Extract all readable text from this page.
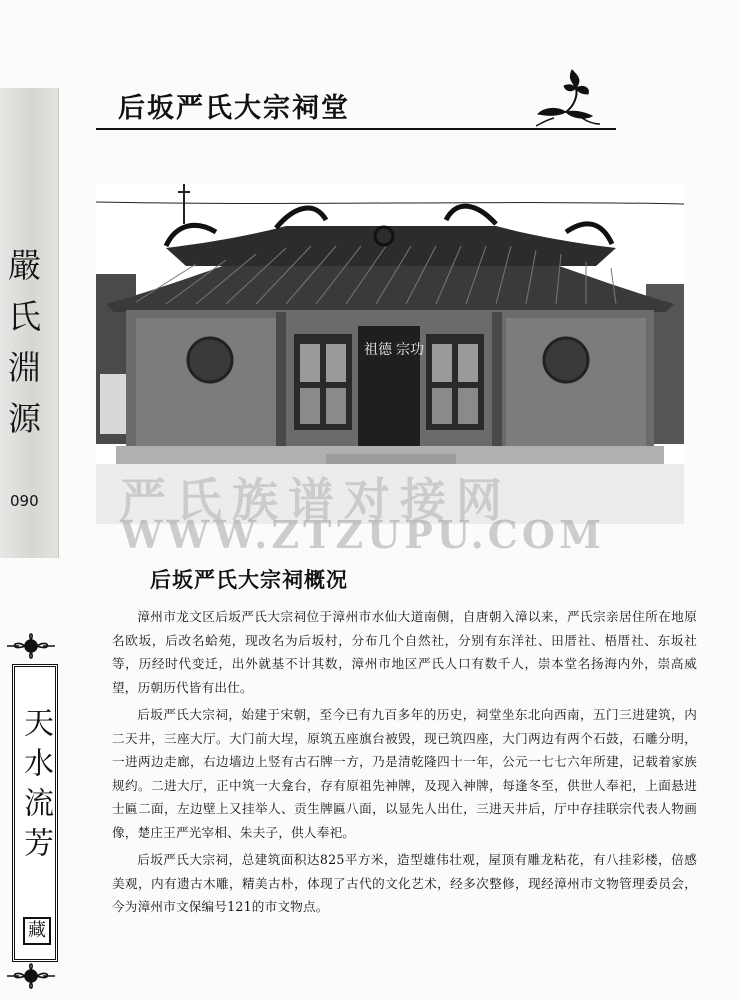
嚴氏淵源
090
天水流芳
藏
后坂严氏大宗祠堂
祖德 宗功
严氏族谱对接网
WWW.ZTZUPU.COM
后坂严氏大宗祠概况

漳州市龙文区后坂严氏大宗祠位于漳州市水仙大道南侧，自唐朝入漳以来，严氏宗亲居住所在地原名欧坂，后改名蛤苑，现改名为后坂村，分布几个自然社，分别有东洋社、田厝社、梧厝社、东坂社等，历经时代变迁，出外就基不计其数，漳州市地区严氏人口有数千人，崇本堂名扬海内外，崇高威望，历朝历代皆有出仕。

后坂严氏大宗祠，始建于宋朝，至今已有九百多年的历史，祠堂坐东北向西南，五门三进建筑，内二天井，三座大厅。大门前大埕，原筑五座旗台被毁，现已筑四座，大门两边有两个石鼓，石雕分明，一进两边走廊，右边墙边上竖有古石牌一方，乃是清乾隆四十一年，公元一七七六年所建，记载着家族规约。二进大厅，正中筑一大龛台，存有原祖先神牌，及现入神牌，每逢冬至，供世人奉祀，上面悬进士匾二面，左边壁上又挂举人、贡生牌匾八面，以显先人出仕，三进天井后，厅中存挂联宗代表人物画像，楚庄王严光宰相、朱夫子，供人奉祀。

后坂严氏大宗祠，总建筑面积达825平方米，造型雄伟壮观，屋顶有雕龙粘花，有八挂彩楼，倍感美观，内有遗古木雕，精美古朴，体现了古代的文化艺术，经多次整修，现经漳州市文物管理委员会，今为漳州市文保编号121的市文物点。
